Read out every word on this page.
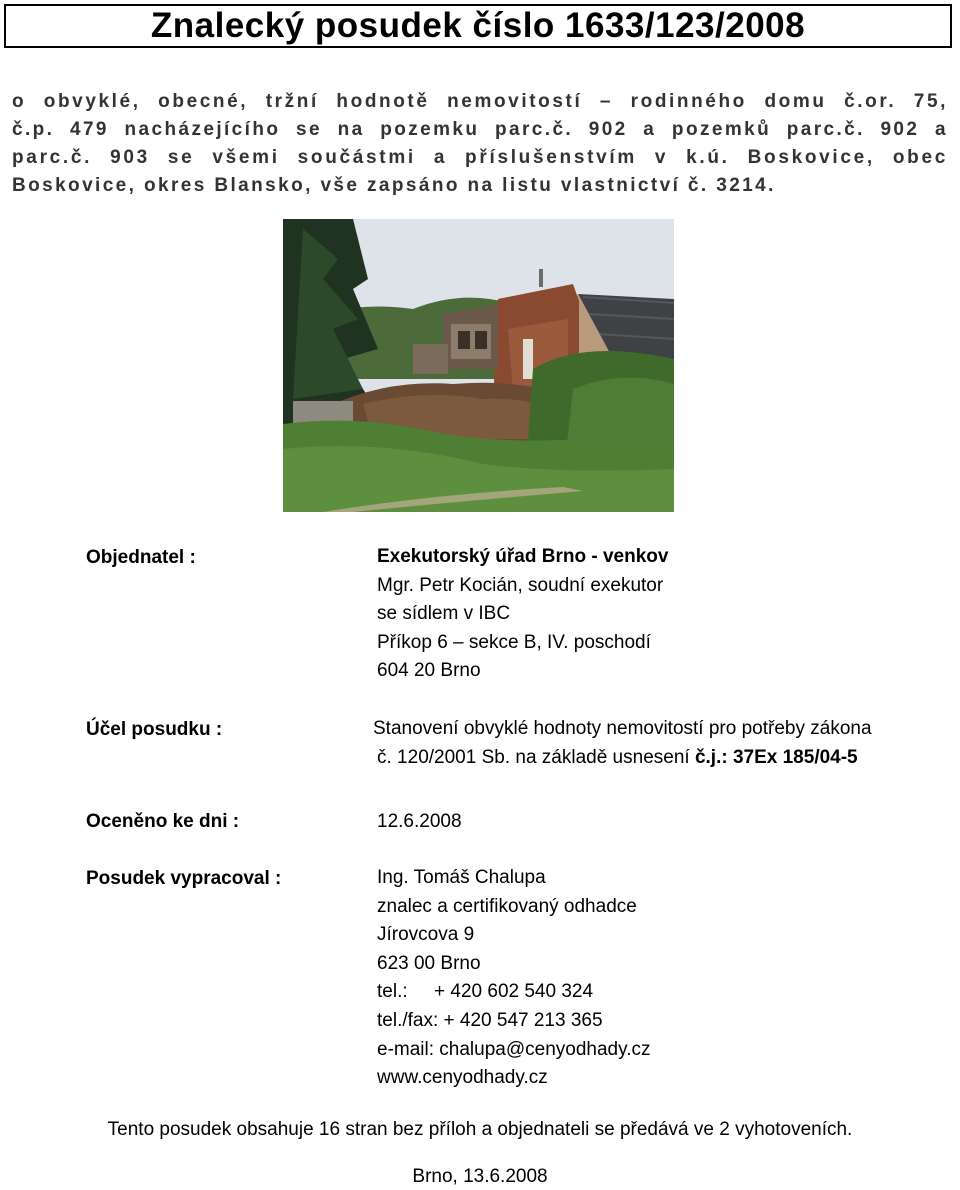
Znalecký posudek číslo 1633/123/2008
o obvyklé, obecné, tržní hodnotě nemovitostí – rodinného domu č.or. 75,
č.p. 479 nacházejícího se na pozemku parc.č. 902 a pozemků parc.č. 902 a
parc.č. 903 se všemi součástmi a příslušenstvím v k.ú. Boskovice, obec
Boskovice, okres Blansko, vše zapsáno na listu vlastnictví č. 3214.
Objednatel :	Exekutorský úřad Brno - venkov
Mgr. Petr Kocián, soudní exekutor
se sídlem v IBC
Příkop 6 – sekce B, IV. poschodí
604 20 Brno
Účel posudku :	Stanovení obvyklé hodnoty nemovitostí pro potřeby zákona
č. 120/2001 Sb. na základě usnesení č.j.: 37Ex 185/04-5
Oceněno ke dni :	12.6.2008
Posudek vypracoval :	Ing. Tomáš Chalupa
znalec a certifikovaný odhadce
Jírovcova 9
623 00 Brno
tel.:     + 420 602 540 324
tel./fax: + 420 547 213 365
e-mail: chalupa@cenyodhady.cz
www.cenyodhady.cz
Tento posudek obsahuje 16 stran bez příloh a objednateli se předává ve 2 vyhotoveních.
Brno, 13.6.2008
